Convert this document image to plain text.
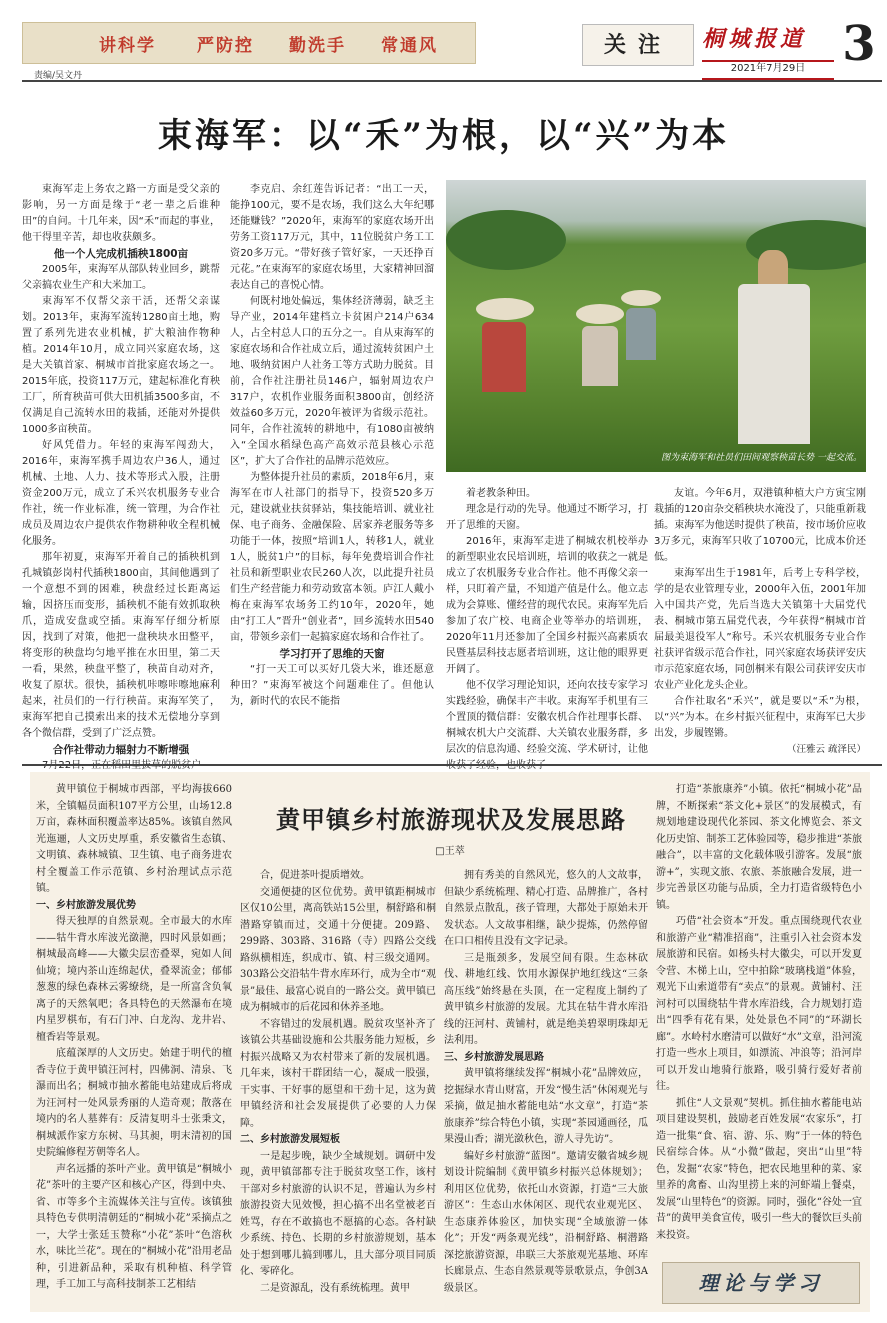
讲科学 严防控 勤洗手 常通风	关注	桐城报道 3
2021年7月29日
责编/吴文丹
束海军：以“禾”为根，以“兴”为本

束海军走上务农之路一方面是受父亲的影响，另一方面是缘于“老一辈之后谁种田”的自问。十几年来，因“禾”而起的事业，他干得里辛苦，却也收获颇多。

他一个人完成机插秧1800亩

2005年，束海军从部队转业回乡，跳帮父亲搞农业生产和大米加工。

束海军不仅帮父亲干活，还帮父亲谋划。2013年，束海军流转1280亩土地，购置了系列先进农业机械，扩大粮油作物种植。2014年10月，成立同兴家庭农场，这是大关镇首家、桐城市首批家庭农场之一。2015年底，投资117万元，建起标准化育秧工厂，所育秧苗可供大田机插3500多亩，不仅满足自己流转水田的栽插，还能对外提供1000多亩秧苗。

好风凭借力。年轻的束海军闯劲大，2016年，束海军携手周边农户36人，通过机械、土地、人力、技术等形式入股，注册资金200万元，成立了禾兴农机服务专业合作社，统一作业标准，统一管理，为合作社成员及周边农户提供农作物耕种收全程机械化服务。

那年初夏，束海军开着自己的插秧机到孔城镇彭岗村代插秧1800亩，其间他遇到了一个意想不到的困难，秧盘经过长距离运输，因挤压而变形，插秧机不能有效抓取秧爪，造成安盘或空插。束海军仔细分析原因，找到了对策，他把一盘秧块水田整平，将变形的秧盘均匀地平推在水田里，第二天一看，果然，秧盘平整了，秧苗自动对齐，收复了原状。很快，插秧机咔嚓咔嚓地麻利起来，社员们的一行行秧苗。束海军笑了，束海军把自己摸索出来的技术无偿地分享到各个微信群，受到了广泛点赞。

合作社带动力辐射力不断增强

7月22日，正在稻田里拔草的脱贫户

李克启、余红莲告诉记者：“出工一天，能挣100元，要不是农场，我们这么大年纪哪还能赚钱？”2020年，束海军的家庭农场开出劳务工资117万元，其中，11位脱贫户务工工资20多万元。“带好孩子管好家，一天还挣百元花。”在束海军的家庭农场里，大家精神回溜表达自己的喜悦心情。

何既村地处偏远，集体经济薄弱，缺乏主导产业，2014年建档立卡贫困户214户634人，占全村总人口的五分之一。自从束海军的家庭农场和合作社成立后，通过流转贫困户土地、吸纳贫困户人社务工等方式助力脱贫。目前，合作社注册社员146户，辐射周边农户317户，农机作业服务面积3800亩，创经济效益60多万元，2020年被评为省级示范社。同年，合作社流转的耕地中，有1080亩被纳入“全国水稻绿色高产高效示范县核心示范区”，扩大了合作社的品牌示范效应。

为整体提升社员的素质，2018年6月，束海军在市人社部门的指导下，投资520多万元，建设就业扶贫驿站，集技能培训、就业社保、电子商务、金融保险、居家养老服务等多功能于一体，按照“培训1人，转移1人，就业1人，脱贫1户”的目标，每年免费培训合作社社员和新型职业农民260人次，以此提升社员们生产经营能力和劳动致富本领。庐江人戴小梅在束海军农场务工约10年，2020年，她由“打工人”晋升“创业者”，回乡流转水田540亩，带领乡亲们一起搞家庭农场和合作社了。

学习打开了思维的天窗

“打一天工可以买好几袋大米，谁还愿意种田？”束海军被这个问题难住了。但他认为，新时代的农民不能指

图为束海军和社员们田间观察秧苗长势 一起交流。

着老教条种田。

理念是行动的先导。他通过不断学习，打开了思维的天窗。

2016年，束海军走进了桐城农机校举办的新型职业农民培训班，培训的收获之一就是成立了农机服务专业合作社。他不再像父亲一样，只盯着产量，不知道产值是什么。他立志成为会算账、懂经营的现代农民。束海军先后参加了农广校、电商企业等举办的培训班，2020年11月还参加了全国乡村振兴高素质农民暨基层科技志愿者培训班，这让他的眼界更开阔了。

他不仅学习理论知识，还向农技专家学习实践经验，确保丰产丰收。束海军手机里有三个置顶的微信群：安徽农机合作社理事长群、桐城农机大户交流群、大关镇农业服务群，多层次的信息沟通、经验交流、学术研讨，让他收获了经验，也收获了

友谊。今年6月，双港镇种植大户方寅宝刚栽插的120亩杂交稻秧块水淹没了，只能重新栽插。束海军为他送时提供了秧苗，按市场价应收3万多元，束海军只收了10700元，比成本价还低。

束海军出生于1981年，后考上专科学校，学的是农业管理专业，2000年入伍，2001年加入中国共产党，先后当选大关镇第十大届党代表、桐城市第五届党代表，今年获得“桐城市首届最美退役军人”称号。禾兴农机服务专业合作社获评省级示范合作社，同兴家庭农场获评安庆市示范家庭农场，同创桐米有限公司获评安庆市农业产业化龙头企业。

合作社取名“禾兴”，就是要以“禾”为根，以“兴”为本。在乡村振兴征程中，束海军已大步出发，步履铿锵。

（汪雅云 疏泽民）
黄甲镇乡村旅游现状及发展思路
□王萃

黄甲镇位于桐城市西部，平均海拔660米，全镇幅员面积107平方公里，山场12.8万亩，森林面积覆盖率达85%。该镇自然风光迤逦，人文历史厚重，系安徽省生态镇、文明镇、森林城镇、卫生镇、电子商务进农村全覆盖工作示范镇、乡村治理试点示范镇。

一、乡村旅游发展优势

得天独厚的自然景观。全市最大的水库——牯牛背水库波光潋滟，四时风景如画；桐城最高峰——大徽尖层峦叠翠，宛如人间仙境；境内茶山连绵起伏，叠翠流金；郁郁葱葱的绿色森林云雾缭绕，是一所富含负氧离子的天然氧吧；各具特色的天然瀑布在境内星罗棋布，有石门冲、白龙沟、龙井岩、檀香岩等景观。

底蕴深厚的人文历史。始建于明代的檀香寺位于黄甲镇汪河村，四佛洞、清泉、飞瀑而出名；桐城市抽水蓄能电站建成后将成为汪河村一处风景秀丽的人造奇观；散落在境内的名人墓葬有：反清复明斗士张秉文，桐城派作家方东树、马其昶，明末清初的国史院编修程芳朝等名人。

声名远播的茶叶产业。黄甲镇是“桐城小花”茶叶的主要产区和核心产区，得到中央、省、市等多个主流媒体关注与宣传。该镇独具特色专供明清朝廷的“桐城小花”采摘点之一，大学士张廷玉赞称“小花”茶叶“色溶秋水，味比兰花”。现在的“桐城小花”沿用老品种，引进新品种，采取有机种植、科学管理，手工加工与高科技制茶工艺相结

合，促进茶叶提质增效。

交通便捷的区位优势。黄甲镇距桐城市区仅10公里，离高铁站15公里，桐舒路和桐潜路穿镇而过，交通十分便捷。209路、299路、303路、316路（寺）四路公交线路纵横相连，织成市、镇、村三级交通网。303路公交沿牯牛背水库环行，成为全市“观景”最佳、最富心说自的一路公交。黄甲镇已成为桐城市的后花园和休养圣地。

不容错过的发展机遇。脱贫攻坚补齐了该镇公共基础设施和公共服务能力短板，乡村振兴战略又为农村带来了新的发展机遇。几年来，该村干群团结一心，凝成一股强，干实事、干好事的愿望和干劲十足，这为黄甲镇经济和社会发展提供了必要的人力保障。

二、乡村旅游发展短板

一是起步晚，缺少全域规划。调研中发现，黄甲镇部都专注于脱贫攻坚工作，该村干部对乡村旅游的认识不足，普遍认为乡村旅游投资大见效慢，担心搞不出名堂被老百姓骂，存在不敢搞也不愿搞的心态。各村缺少系统、持色、长期的乡村旅游规划，基本处于想到哪儿搞到哪儿，且大部分项目同质化、零碎化。

二是资源乱，没有系统梳理。黄甲

拥有秀美的自然风光，悠久的人文故事，但缺少系统梳理、精心打造、品牌推广，各村自然景点散乱，孩子管理，大都处于原始未开发状态。人文故事相继，缺少提炼，仍然停留在口口相传且没有文字记录。

三是瓶颈多，发展空间有限。生态林砍伐、耕地红线、饮用水源保护地红线这“三条高压线”始终悬在头顶，在一定程度上制约了黄甲镇乡村旅游的发展。尤其在牯牛背水库沿线的汪河村、黄铺村，就是绝美碧翠明珠却无法利用。

三、乡村旅游发展思路

黄甲镇将继续发挥“桐城小花”品牌效应，挖掘绿水青山财富，开发“慢生活”休闲观光与采摘，做足抽水蓄能电站“水文章”，打造“茶旅康养”综合特色小镇，实现“茶园通画径，瓜果漫山香；湖光潋秋色，游人寻先访”。

编好乡村旅游“蓝图”。邀请安徽省城乡规划设计院编制《黄甲镇乡村振兴总体规划》；利用区位优势，依托山水资源，打造“三大旅游区”：生态山水休闲区、现代农业观光区、生态康养体验区，加快实现“全域旅游一体化”；开发“两条观光线”，沿桐舒路、桐潜路深挖旅游资源，串联三大茶旅观光基地、环库长廊景点、生态自然景观等景歌景点，争创3A级景区。

打造“茶旅康养”小镇。依托“桐城小花”品牌，不断探索“茶文化+景区”的发展模式，有规划地建设现代化茶园、茶文化博览会、茶文化历史馆、制茶工艺体验园等，稳步推进“茶旅融合”，以丰富的文化载体吸引游客。发展“旅游+”，实现文旅、农旅、茶旅融合发展，进一步完善景区功能与品质，全力打造省级特色小镇。

巧借“社会资本”开发。重点围绕现代农业和旅游产业“精准招商”，注重引入社会资本发展旅游和民宿。如杨头村大徽尖，可以开发夏令营、木梯上山，空中拍除“玻璃栈道”体验，观光下山索道带有“卖点”的景观。黄铺村、汪河村可以围绕牯牛背水库沿线，合力规划打造出“四季有花有果，处处景色不同”的“环湖长廊”。水岭村水磨清可以做好“水”文章，沿河流打造一些水上项目，如漂流、冲浪等；沿河岸可以开发山地骑行旅路，吸引骑行爱好者前往。

抓住“人文景观”契机。抓住抽水蓄能电站项目建设契机，鼓励老百姓发展“农家乐”，打造一批集“食、宿、游、乐、购”于一体的特色民宿综合体。从“小微”做起，突出“山里”特色，发掘“农家”特色，把农民地里种的菜、家里养的禽畜、山沟里捞上来的河虾端上餐桌，发展“山里特色”的资源。同时，强化“谷处一宜昔”的黄甲美食宣传，吸引一些大的餐饮巨头前来投资。

理论与学习
